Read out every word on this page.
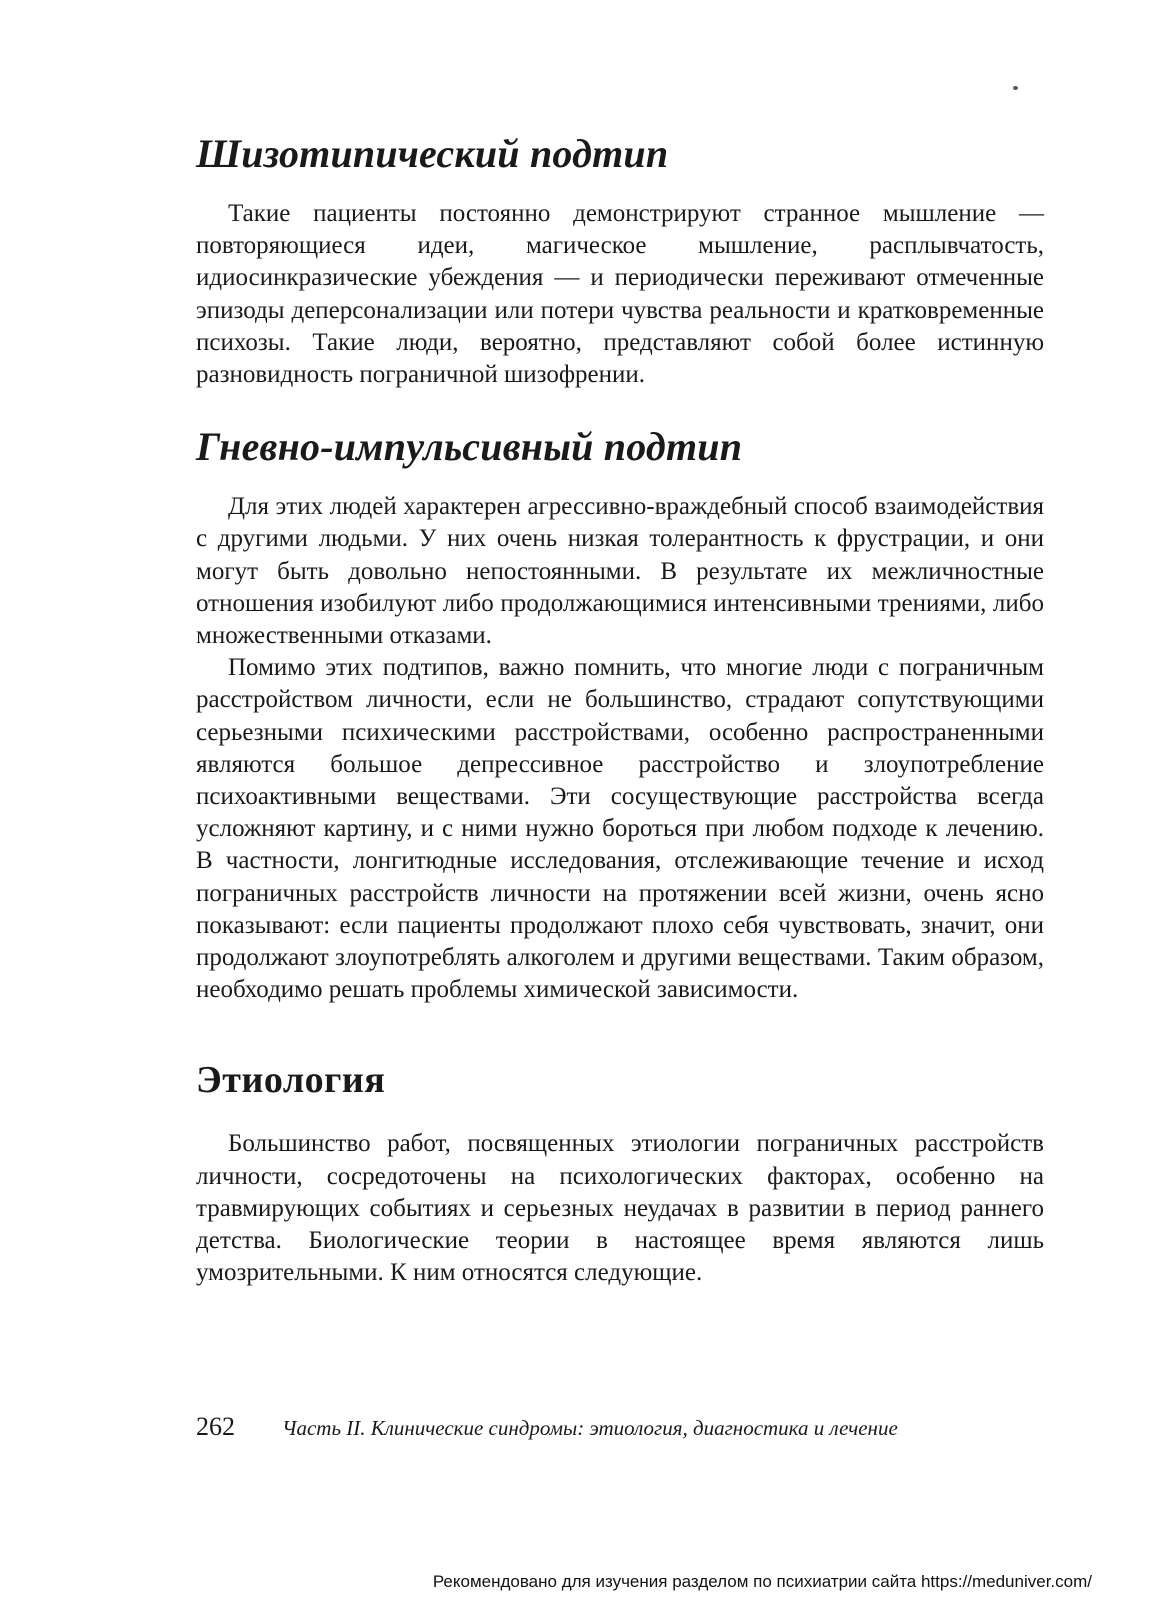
Шизотипический подтип

Такие пациенты постоянно демонстрируют странное мышление — повторяющиеся идеи, магическое мышление, расплывчатость, идиосинкразические убеждения — и периодически переживают отмеченные эпизоды деперсонализации или потери чувства реальности и кратковременные психозы. Такие люди, вероятно, представляют собой более истинную разновидность пограничной шизофрении.

Гневно-импульсивный подтип

Для этих людей характерен агрессивно-враждебный способ взаимодействия с другими людьми. У них очень низкая толерантность к фрустрации, и они могут быть довольно непостоянными. В результате их межличностные отношения изобилуют либо продолжающимися интенсивными трениями, либо множественными отказами.

Помимо этих подтипов, важно помнить, что многие люди с пограничным расстройством личности, если не большинство, страдают сопутствующими серьезными психическими расстройствами, особенно распространенными являются большое депрессивное расстройство и злоупотребление психоактивными веществами. Эти сосуществующие расстройства всегда усложняют картину, и с ними нужно бороться при любом подходе к лечению. В частности, лонгитюдные исследования, отслеживающие течение и исход пограничных расстройств личности на протяжении всей жизни, очень ясно показывают: если пациенты продолжают плохо себя чувствовать, значит, они продолжают злоупотреблять алкоголем и другими веществами. Таким образом, необходимо решать проблемы химической зависимости.

Этиология

Большинство работ, посвященных этиологии пограничных расстройств личности, сосредоточены на психологических факторах, особенно на травмирующих событиях и серьезных неудачах в развитии в период раннего детства. Биологические теории в настоящее время являются лишь умозрительными. К ним относятся следующие.

262 Часть II. Клинические синдромы: этиология, диагностика и лечение
Рекомендовано для изучения разделом по психиатрии сайта https://meduniver.com/
